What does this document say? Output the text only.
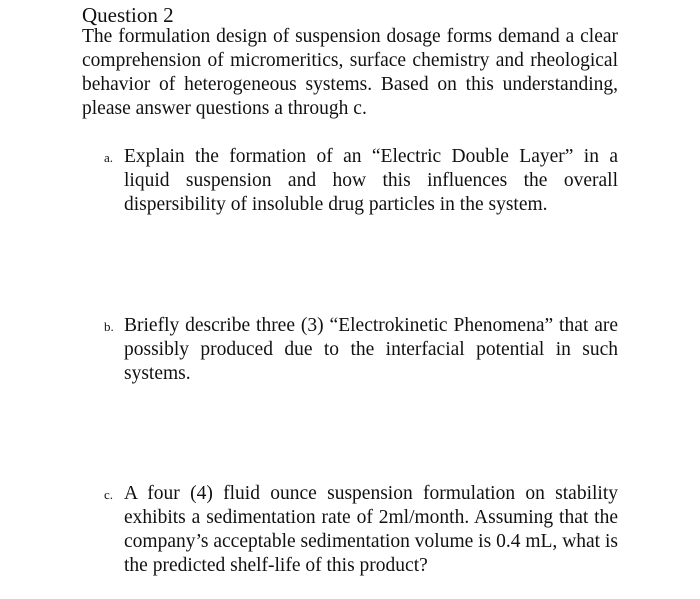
Question 2

The formulation design of suspension dosage forms demand a clear comprehension of micromeritics, surface chemistry and rheological behavior of heterogeneous systems. Based on this understanding, please answer questions a through c.

a. Explain the formation of an “Electric Double Layer” in a liquid suspension and how this influences the overall dispersibility of insoluble drug particles in the system.
b. Briefly describe three (3) “Electrokinetic Phenomena” that are possibly produced due to the interfacial potential in such systems.
c. A four (4) fluid ounce suspension formulation on stability exhibits a sedimentation rate of 2ml/month. Assuming that the company’s acceptable sedimentation volume is 0.4 mL, what is the predicted shelf-life of this product?
